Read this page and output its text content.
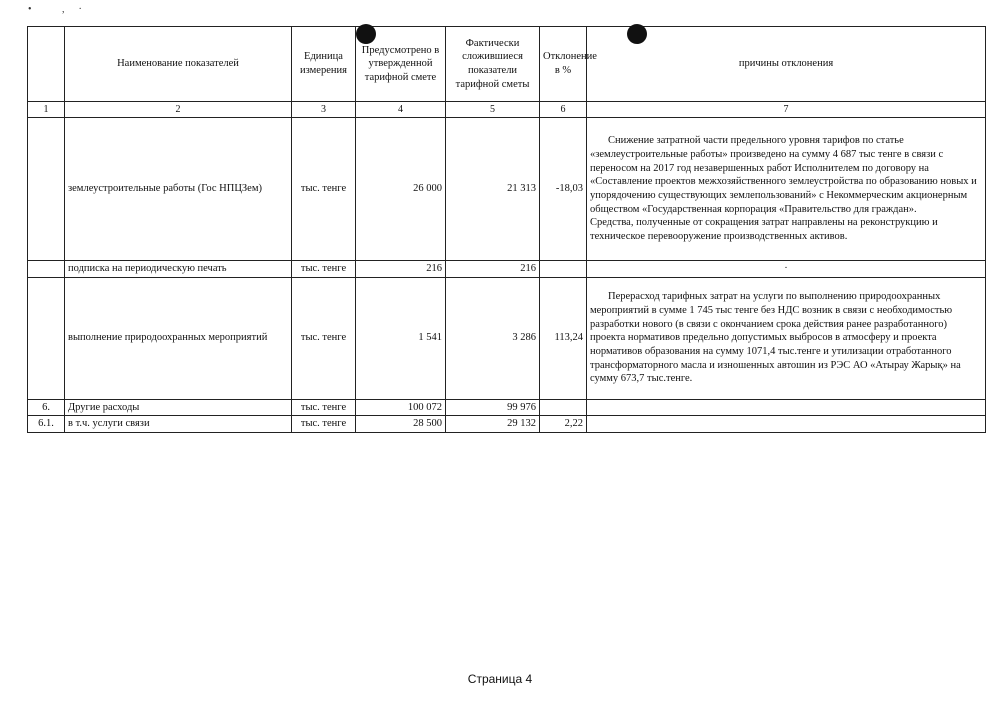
• ,·
	Наименование показателей	Единица измерения	Предусмотрено в утвержденной тарифной смете	Фактически сложившиеся показатели тарифной сметы	Отклонение в %	причины отклонения
1	2	3	4	5	6	7
	землеустроительные работы (Гос НПЦЗем)	тыс. тенге	26 000	21 313	-18,03	Снижение затратной части предельного уровня тарифов по статье «землеустроительные работы» произведено на сумму 4 687 тыс тенге в связи с переносом на 2017 год незавершенных работ Исполнителем по договору на «Составление проектов межхозяйственного землеустройства по образованию новых и упорядочению существующих землепользований» с Некоммерческим акционерным обществом «Государственная корпорация «Правительство для граждан».

Средства, полученные от сокращения затрат направлены на реконструкцию и техническое перевооружение производственных активов.

	подписка на периодическую печать	тыс. тенге	216	216		·
	выполнение природоохранных мероприятий	тыс. тенге	1 541	3 286	113,24	Перерасход тарифных затрат на услуги по выполнению природоохранных мероприятий в сумме 1 745 тыс тенге без НДС возник в связи с необходимостью разработки нового (в связи с окончанием срока действия ранее разработанного) проекта нормативов предельно допустимых выбросов в атмосферу и проекта нормативов образования на сумму 1071,4 тыс.тенге и утилизации отработанного трансформаторного масла и изношенных автошин из РЭС АО «Атырау Жарық» на сумму 673,7 тыс.тенге.

6.	Другие расходы	тыс. тенге	100 072	99 976		
6.1.	в т.ч. услуги связи	тыс. тенге	28 500	29 132	2,22	
Страница 4
